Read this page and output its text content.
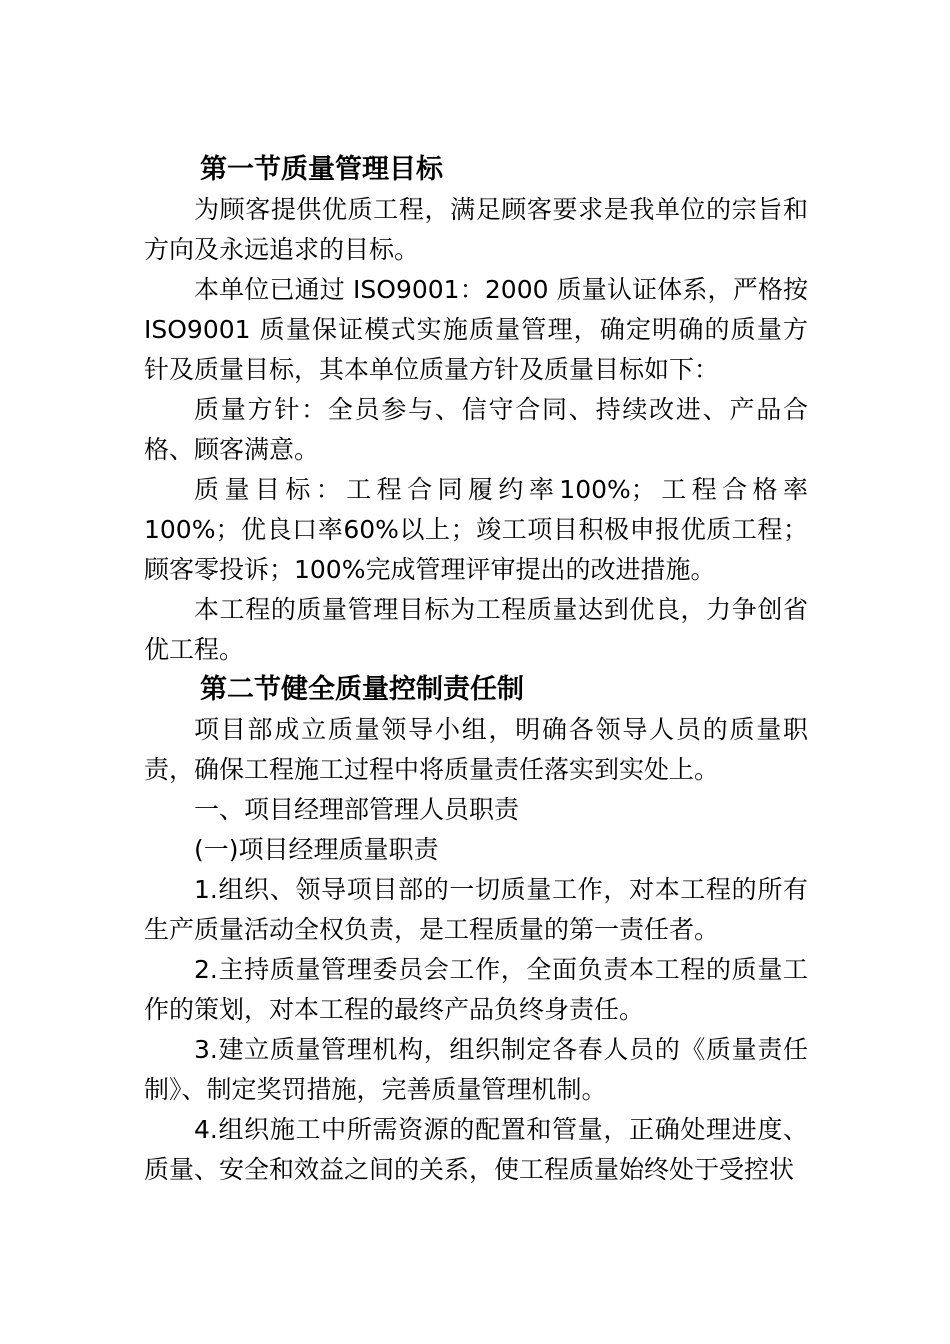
第一节质量管理目标

为顾客提供优质工程，满足顾客要求是我单位的宗旨和方向及永远追求的目标。

本单位已通过 ISO9001：2000 质量认证体系，严格按ISO9001 质量保证模式实施质量管理，确定明确的质量方针及质量目标，其本单位质量方针及质量目标如下：

质量方针：全员参与、信守合同、持续改进、产品合格、顾客满意。

质量目标：工程合同履约率100%；工程合格率100%；优良口率60%以上；竣工项目积极申报优质工程；顾客零投诉；100%完成管理评审提出的改进措施。

本工程的质量管理目标为工程质量达到优良，力争创省优工程。

第二节健全质量控制责任制

项目部成立质量领导小组，明确各领导人员的质量职责，确保工程施工过程中将质量责任落实到实处上。

一、项目经理部管理人员职责

(一)项目经理质量职责

1.组织、领导项目部的一切质量工作，对本工程的所有生产质量活动全权负责，是工程质量的第一责任者。

2.主持质量管理委员会工作，全面负责本工程的质量工作的策划，对本工程的最终产品负终身责任。

3.建立质量管理机构，组织制定各春人员的《质量责任制》、制定奖罚措施，完善质量管理机制。

4.组织施工中所需资源的配置和管量，正确处理进度、质量、安全和效益之间的关系，使工程质量始终处于受控状
